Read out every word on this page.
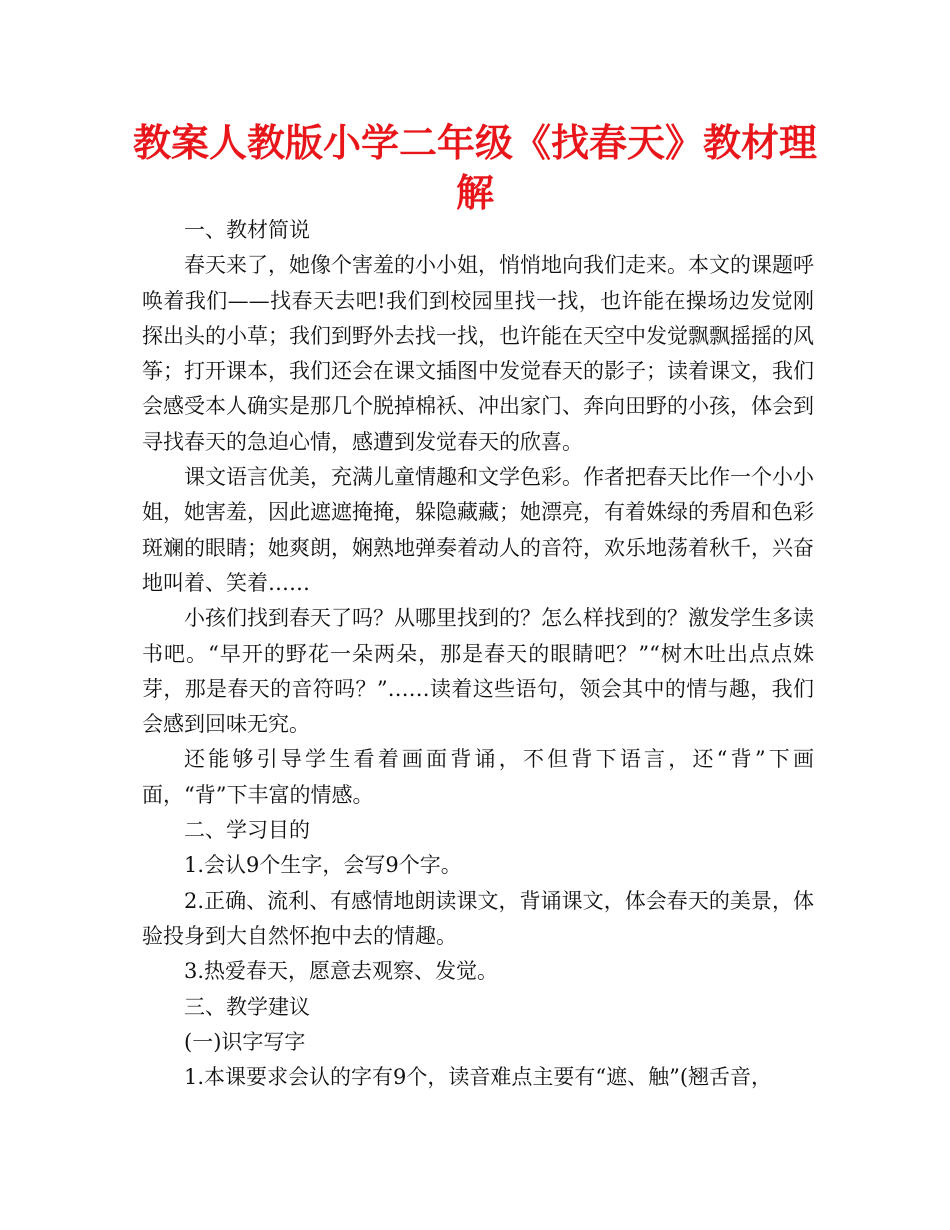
教案人教版小学二年级《找春天》教材理解

一、教材简说

春天来了，她像个害羞的小小姐，悄悄地向我们走来。本文的课题呼唤着我们——找春天去吧!我们到校园里找一找，也许能在操场边发觉刚探出头的小草；我们到野外去找一找，也许能在天空中发觉飘飘摇摇的风筝；打开课本，我们还会在课文插图中发觉春天的影子；读着课文，我们会感受本人确实是那几个脱掉棉袄、冲出家门、奔向田野的小孩，体会到寻找春天的急迫心情，感遭到发觉春天的欣喜。

课文语言优美，充满儿童情趣和文学色彩。作者把春天比作一个小小姐，她害羞，因此遮遮掩掩，躲隐藏藏；她漂亮，有着姝绿的秀眉和色彩斑斓的眼睛；她爽朗，娴熟地弹奏着动人的音符，欢乐地荡着秋千，兴奋地叫着、笑着……

小孩们找到春天了吗？从哪里找到的？怎么样找到的？激发学生多读书吧。“早开的野花一朵两朵，那是春天的眼睛吧？”“树木吐出点点姝芽，那是春天的音符吗？”……读着这些语句，领会其中的情与趣，我们会感到回味无究。

还能够引导学生看着画面背诵，不但背下语言，还“背”下画面，“背”下丰富的情感。

二、学习目的

1.会认9个生字，会写9个字。

2.正确、流利、有感情地朗读课文，背诵课文，体会春天的美景，体验投身到大自然怀抱中去的情趣。

3.热爱春天，愿意去观察、发觉。

三、教学建议

(一)识字写字

1.本课要求会认的字有9个，读音难点主要有“遮、触”(翘舌音，
